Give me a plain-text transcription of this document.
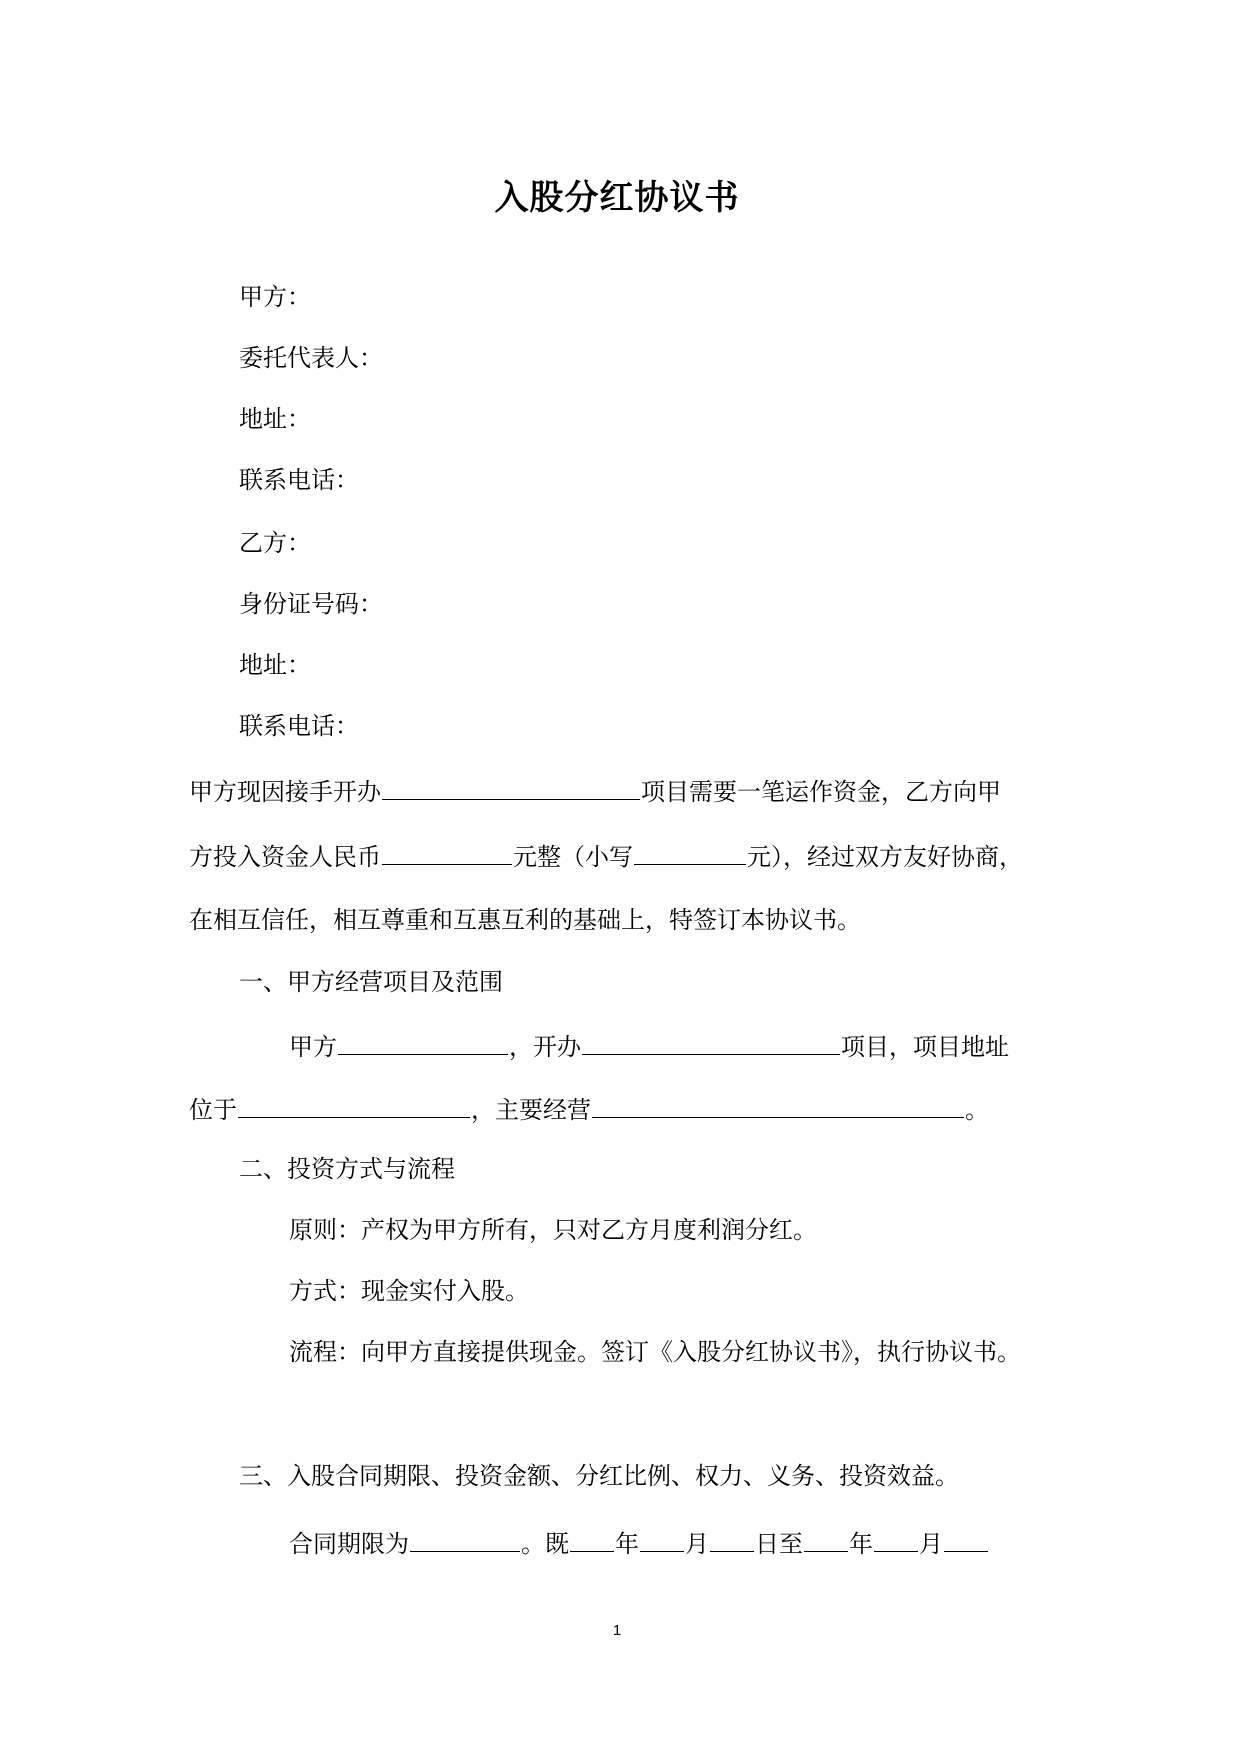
入股分红协议书
甲方：
委托代表人：
地址：
联系电话：
乙方：
身份证号码：
地址：
联系电话：
甲方现因接手开办	项目需要一笔运作资金，乙方向甲
方投入资金人民币	元整（小写	元），经过双方友好协商，
在相互信任，相互尊重和互惠互利的基础上，特签订本协议书。
一、甲方经营项目及范围
甲方	，开办	项目，项目地址
位于	，主要经营	。
二、投资方式与流程
原则：产权为甲方所有，只对乙方月度利润分红。
方式：现金实付入股。
流程：向甲方直接提供现金。签订《入股分红协议书》，执行协议书。
三、入股合同期限、投资金额、分红比例、权力、义务、投资效益。
合同期限为	。既 年 月 日至 年 月
1
